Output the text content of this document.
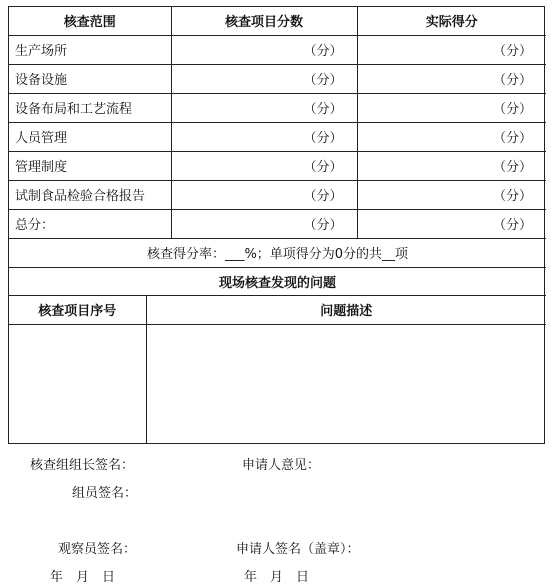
核查范围	核查项目分数	实际得分
生产场所	（分）	（分）
设备设施	（分）	（分）
设备布局和工艺流程	（分）	（分）
人员管理	（分）	（分）
管理制度	（分）	（分）
试制食品检验合格报告	（分）	（分）
总分：	（分）	（分）
核查得分率：___%；单项得分为0分的共__项		
现场核查发现的问题		
核查项目序号	问题描述

核查组组长签名：	申请人意见：
组员签名：
观察员签名：	申请人签名（盖章）：
年　月　日	年　月　日
